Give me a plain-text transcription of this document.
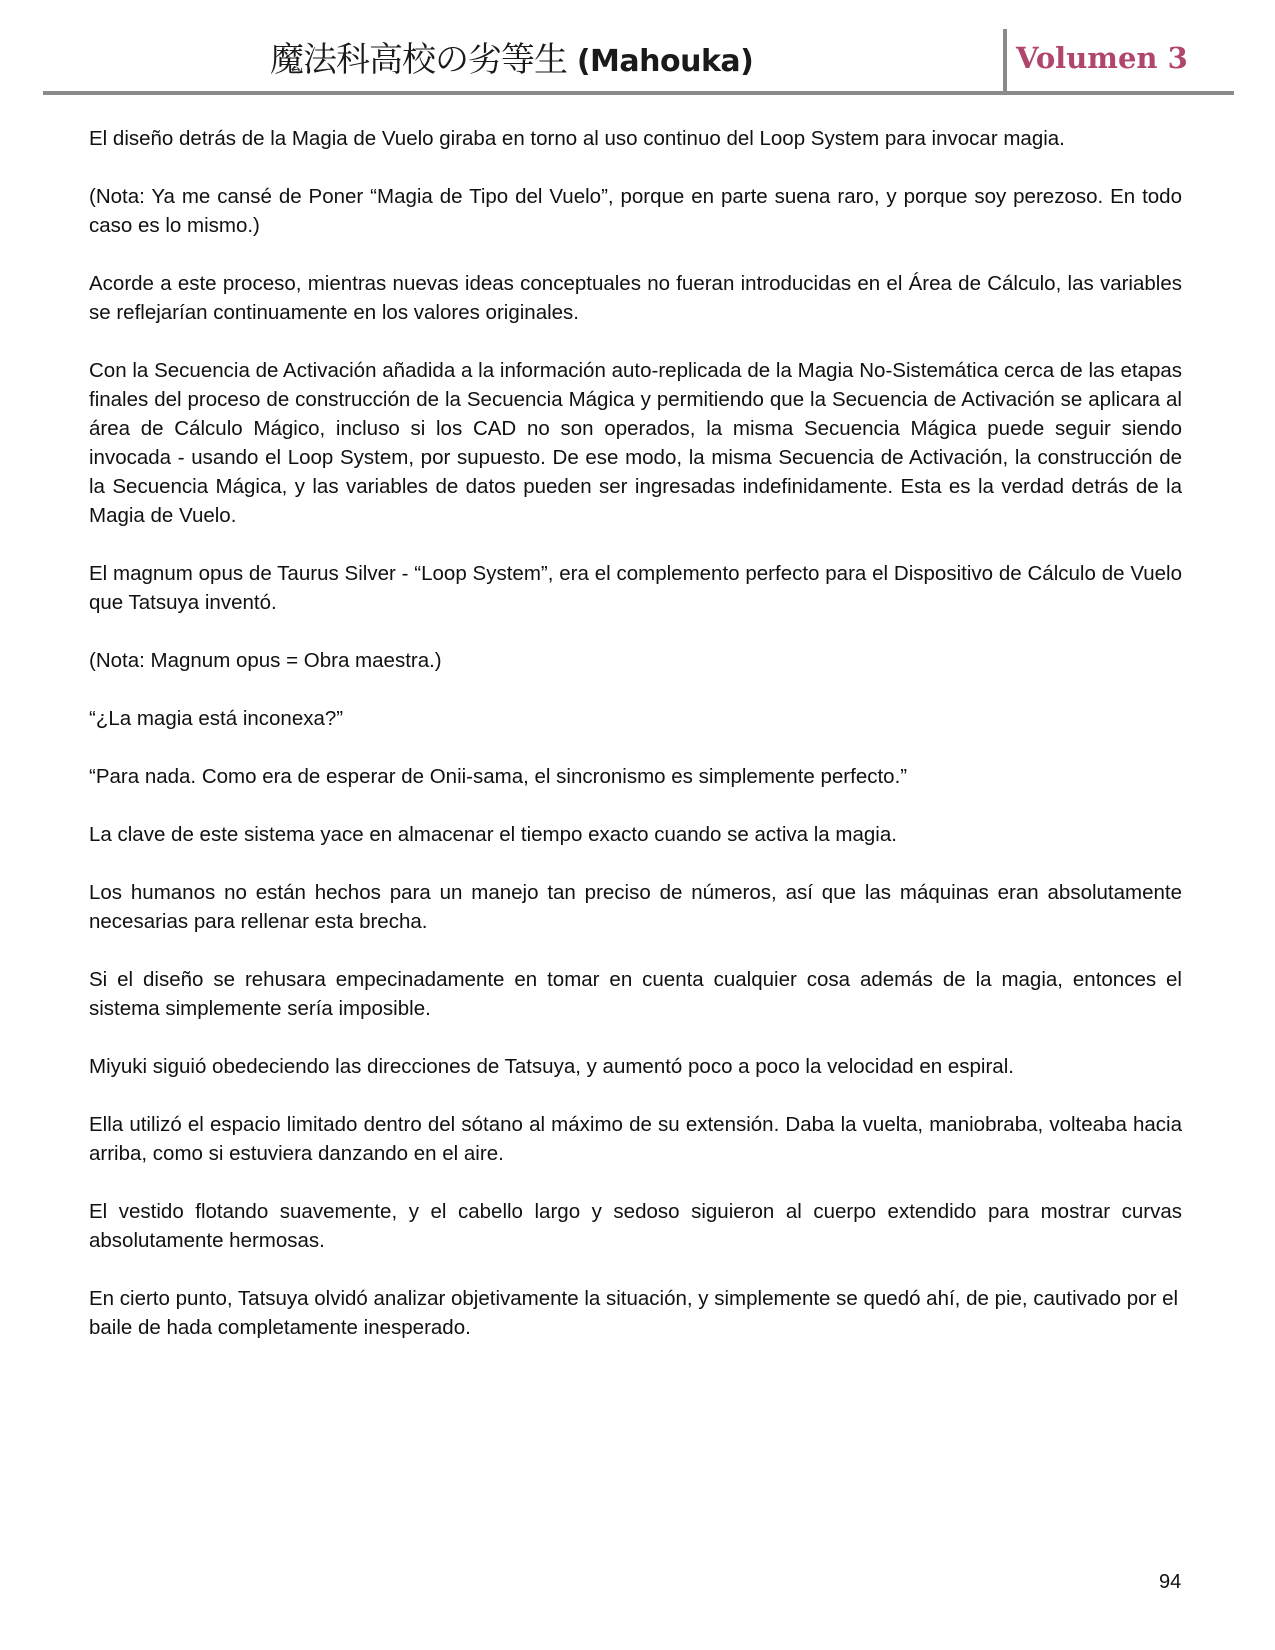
魔法科高校の劣等生 (Mahouka)	Volumen 3

El diseño detrás de la Magia de Vuelo giraba en torno al uso continuo del Loop System para invocar magia.

(Nota: Ya me cansé de Poner “Magia de Tipo del Vuelo”, porque en parte suena raro, y porque soy perezoso. En todo caso es lo mismo.)

Acorde a este proceso, mientras nuevas ideas conceptuales no fueran introducidas en el Área de Cálculo, las variables se reflejarían continuamente en los valores originales.

Con la Secuencia de Activación añadida a la información auto-replicada de la Magia No-Sistemática cerca de las etapas finales del proceso de construcción de la Secuencia Mágica y permitiendo que la Secuencia de Activación se aplicara al área de Cálculo Mágico, incluso si los CAD no son operados, la misma Secuencia Mágica puede seguir siendo invocada - usando el Loop System, por supuesto. De ese modo, la misma Secuencia de Activación, la construcción de la Secuencia Mágica, y las variables de datos pueden ser ingresadas indefinidamente. Esta es la verdad detrás de la Magia de Vuelo.

El magnum opus de Taurus Silver - “Loop System”, era el complemento perfecto para el Dispositivo de Cálculo de Vuelo que Tatsuya inventó.

(Nota: Magnum opus = Obra maestra.)

“¿La magia está inconexa?”

“Para nada. Como era de esperar de Onii-sama, el sincronismo es simplemente perfecto.”

La clave de este sistema yace en almacenar el tiempo exacto cuando se activa la magia.

Los humanos no están hechos para un manejo tan preciso de números, así que las máquinas eran absolutamente necesarias para rellenar esta brecha.

Si el diseño se rehusara empecinadamente en tomar en cuenta cualquier cosa además de la magia, entonces el sistema simplemente sería imposible.

Miyuki siguió obedeciendo las direcciones de Tatsuya, y aumentó poco a poco la velocidad en espiral.

Ella utilizó el espacio limitado dentro del sótano al máximo de su extensión. Daba la vuelta, maniobraba, volteaba hacia arriba, como si estuviera danzando en el aire.

El vestido flotando suavemente, y el cabello largo y sedoso siguieron al cuerpo extendido para mostrar curvas absolutamente hermosas.

En cierto punto, Tatsuya olvidó analizar objetivamente la situación, y simplemente se quedó ahí, de pie, cautivado por el baile de hada completamente inesperado.

94
